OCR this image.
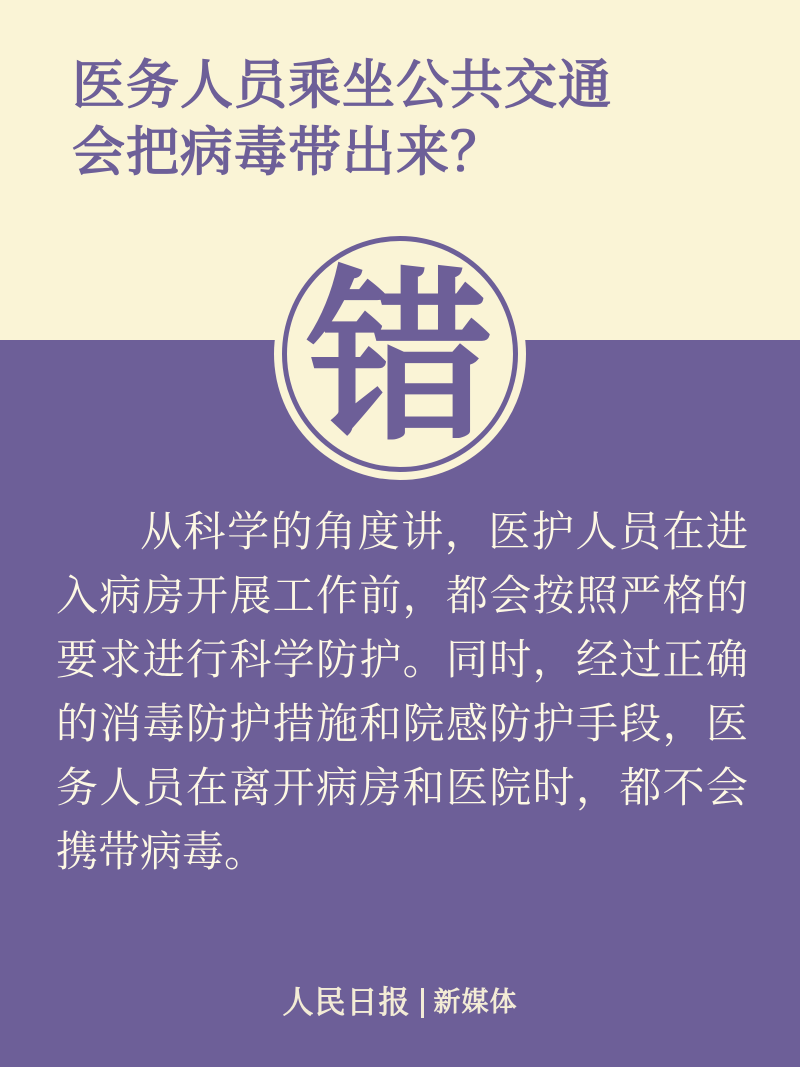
医务人员乘坐公共交通
会把病毒带出来？
错
从科学的角度讲，医护人员在进入病房开展工作前，都会按照严格的要求进行科学防护。同时，经过正确的消毒防护措施和院感防护手段，医务人员在离开病房和医院时，都不会携带病毒。
人民日报 新媒体
